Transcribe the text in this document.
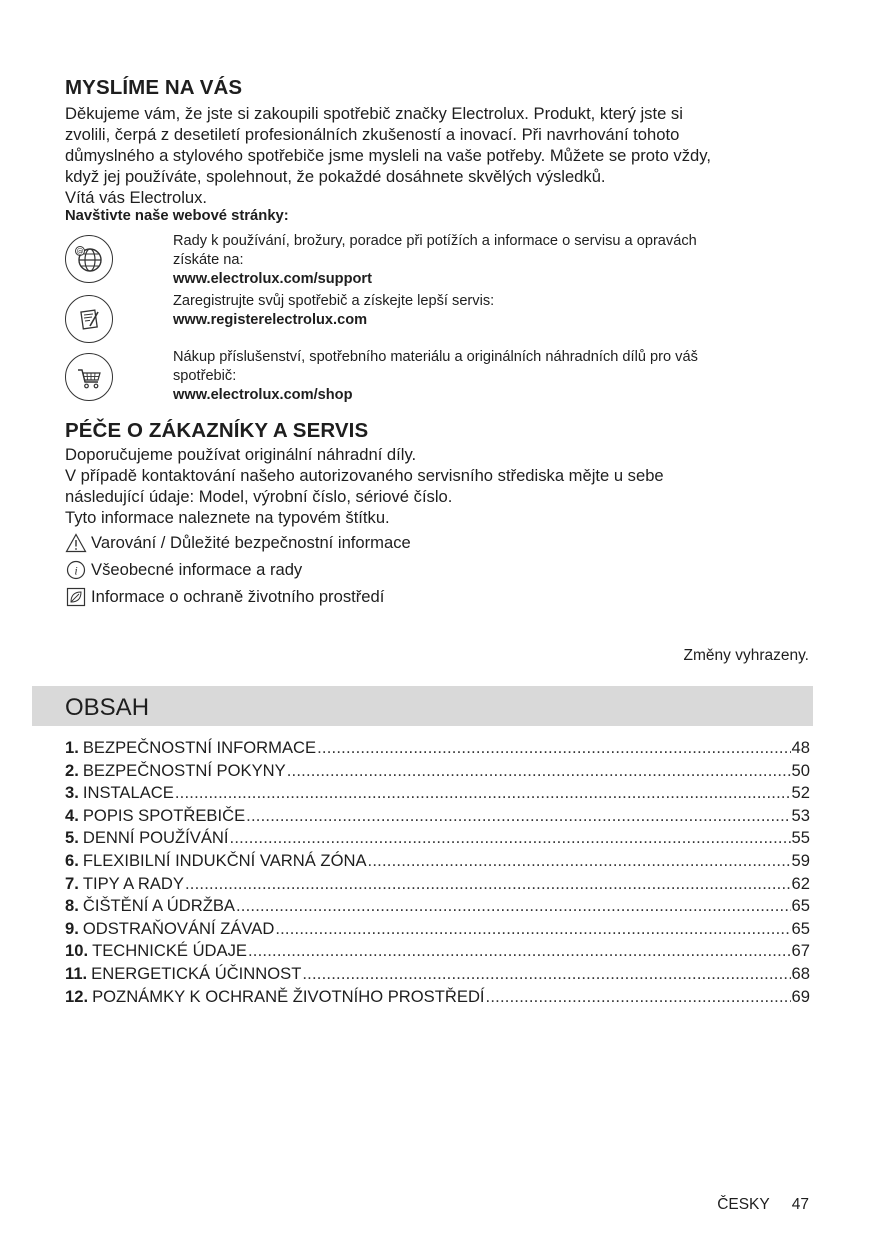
MYSLÍME NA VÁS
Děkujeme vám, že jste si zakoupili spotřebič značky Electrolux. Produkt, který jste si
zvolili, čerpá z desetiletí profesionálních zkušeností a inovací. Při navrhování tohoto
důmyslného a stylového spotřebiče jsme mysleli na vaše potřeby. Můžete se proto vždy,
když jej používáte, spolehnout, že pokaždé dosáhnete skvělých výsledků.
Vítá vás Electrolux.
Navštivte naše webové stránky:
@
Rady k používání, brožury, poradce při potížích a informace o servisu a opravách
získáte na:
www.electrolux.com/support
Zaregistrujte svůj spotřebič a získejte lepší servis:
www.registerelectrolux.com
Nákup příslušenství, spotřebního materiálu a originálních náhradních dílů pro váš
spotřebič:
www.electrolux.com/shop
PÉČE O ZÁKAZNÍKY A SERVIS
Doporučujeme používat originální náhradní díly.
V případě kontaktování našeho autorizovaného servisního střediska mějte u sebe
následující údaje: Model, výrobní číslo, sériové číslo.
Tyto informace naleznete na typovém štítku.
Varování / Důležité bezpečnostní informace
i Všeobecné informace a rady
Informace o ochraně životního prostředí
Změny vyhrazeny.
OBSAH
1. BEZPEČNOSTNÍ INFORMACE .....	48
2. BEZPEČNOSTNÍ POKYNY .....	50
3. INSTALACE .....	52
4. POPIS SPOTŘEBIČE .....	53
5. DENNÍ POUŽÍVÁNÍ .....	55
6. FLEXIBILNÍ INDUKČNÍ VARNÁ ZÓNA .....	59
7. TIPY A RADY .....	62
8. ČIŠTĚNÍ A ÚDRŽBA .....	65
9. ODSTRAŇOVÁNÍ ZÁVAD .....	65
10. TECHNICKÉ ÚDAJE .....	67
11. ENERGETICKÁ ÚČINNOST .....	68
12. POZNÁMKY K OCHRANĚ ŽIVOTNÍHO PROSTŘEDÍ .....	69
ČESKY 47
